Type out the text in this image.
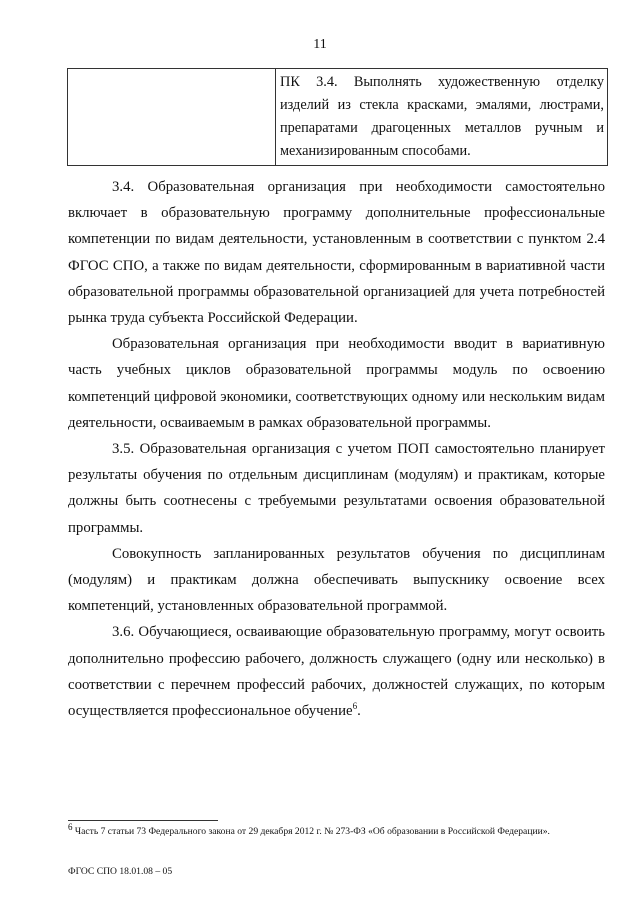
11
	ПК 3.4. Выполнять художественную отделку изделий из стекла красками, эмалями, люстрами, препаратами драгоценных металлов ручным и механизированным способами.

3.4. Образовательная организация при необходимости самостоятельно включает в образовательную программу дополнительные профессиональные компетенции по видам деятельности, установленным в соответствии с пунктом 2.4 ФГОС СПО, а также по видам деятельности, сформированным в вариативной части образовательной программы образовательной организацией для учета потребностей рынка труда субъекта Российской Федерации.

Образовательная организация при необходимости вводит в вариативную часть учебных циклов образовательной программы модуль по освоению компетенций цифровой экономики, соответствующих одному или нескольким видам деятельности, осваиваемым в рамках образовательной программы.

3.5. Образовательная организация с учетом ПОП самостоятельно планирует результаты обучения по отдельным дисциплинам (модулям) и практикам, которые должны быть соотнесены с требуемыми результатами освоения образовательной программы.

Совокупность запланированных результатов обучения по дисциплинам (модулям) и практикам должна обеспечивать выпускнику освоение всех компетенций, установленных образовательной программой.

3.6. Обучающиеся, осваивающие образовательную программу, могут освоить дополнительно профессию рабочего, должность служащего (одну или несколько) в соответствии с перечнем профессий рабочих, должностей служащих, по которым осуществляется профессиональное обучение$^6$.

$^6$ Часть 7 статьи 73 Федерального закона от 29 декабря 2012 г. № 273-ФЗ «Об образовании в Российской Федерации».
ФГОС СПО 18.01.08 – 05
